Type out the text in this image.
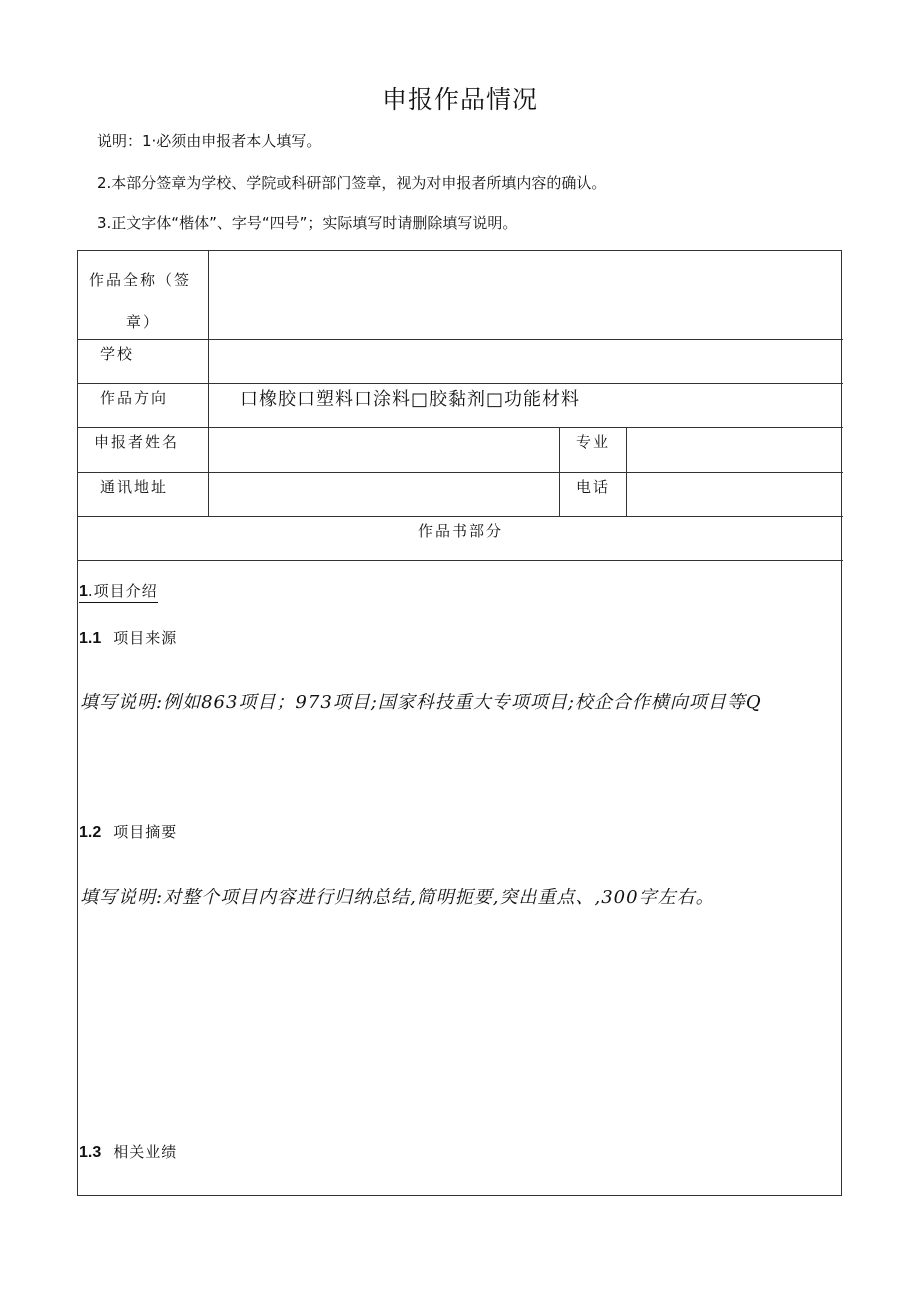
申报作品情况
说明：1·必须由申报者本人填写。
2.本部分签章为学校、学院或科研部门签章，视为对申报者所填内容的确认。
3.正文字体“楷体”、字号“四号”；实际填写时请删除填写说明。
作品全称（签
章）
学校
作品方向	口橡胶口塑料口涂料□胶黏剂□功能材料
申报者姓名	专业
通讯地址	电话
作品书部分
1.项目介绍
1.1 项目来源
填写说明:例如863项目；973项目;国家科技重大专项项目;校企合作横向项目等Q
1.2 项目摘要
填写说明:对整个项目内容进行归纳总结,简明扼要,突出重点、,300字左右。
1.3 相关业绩
